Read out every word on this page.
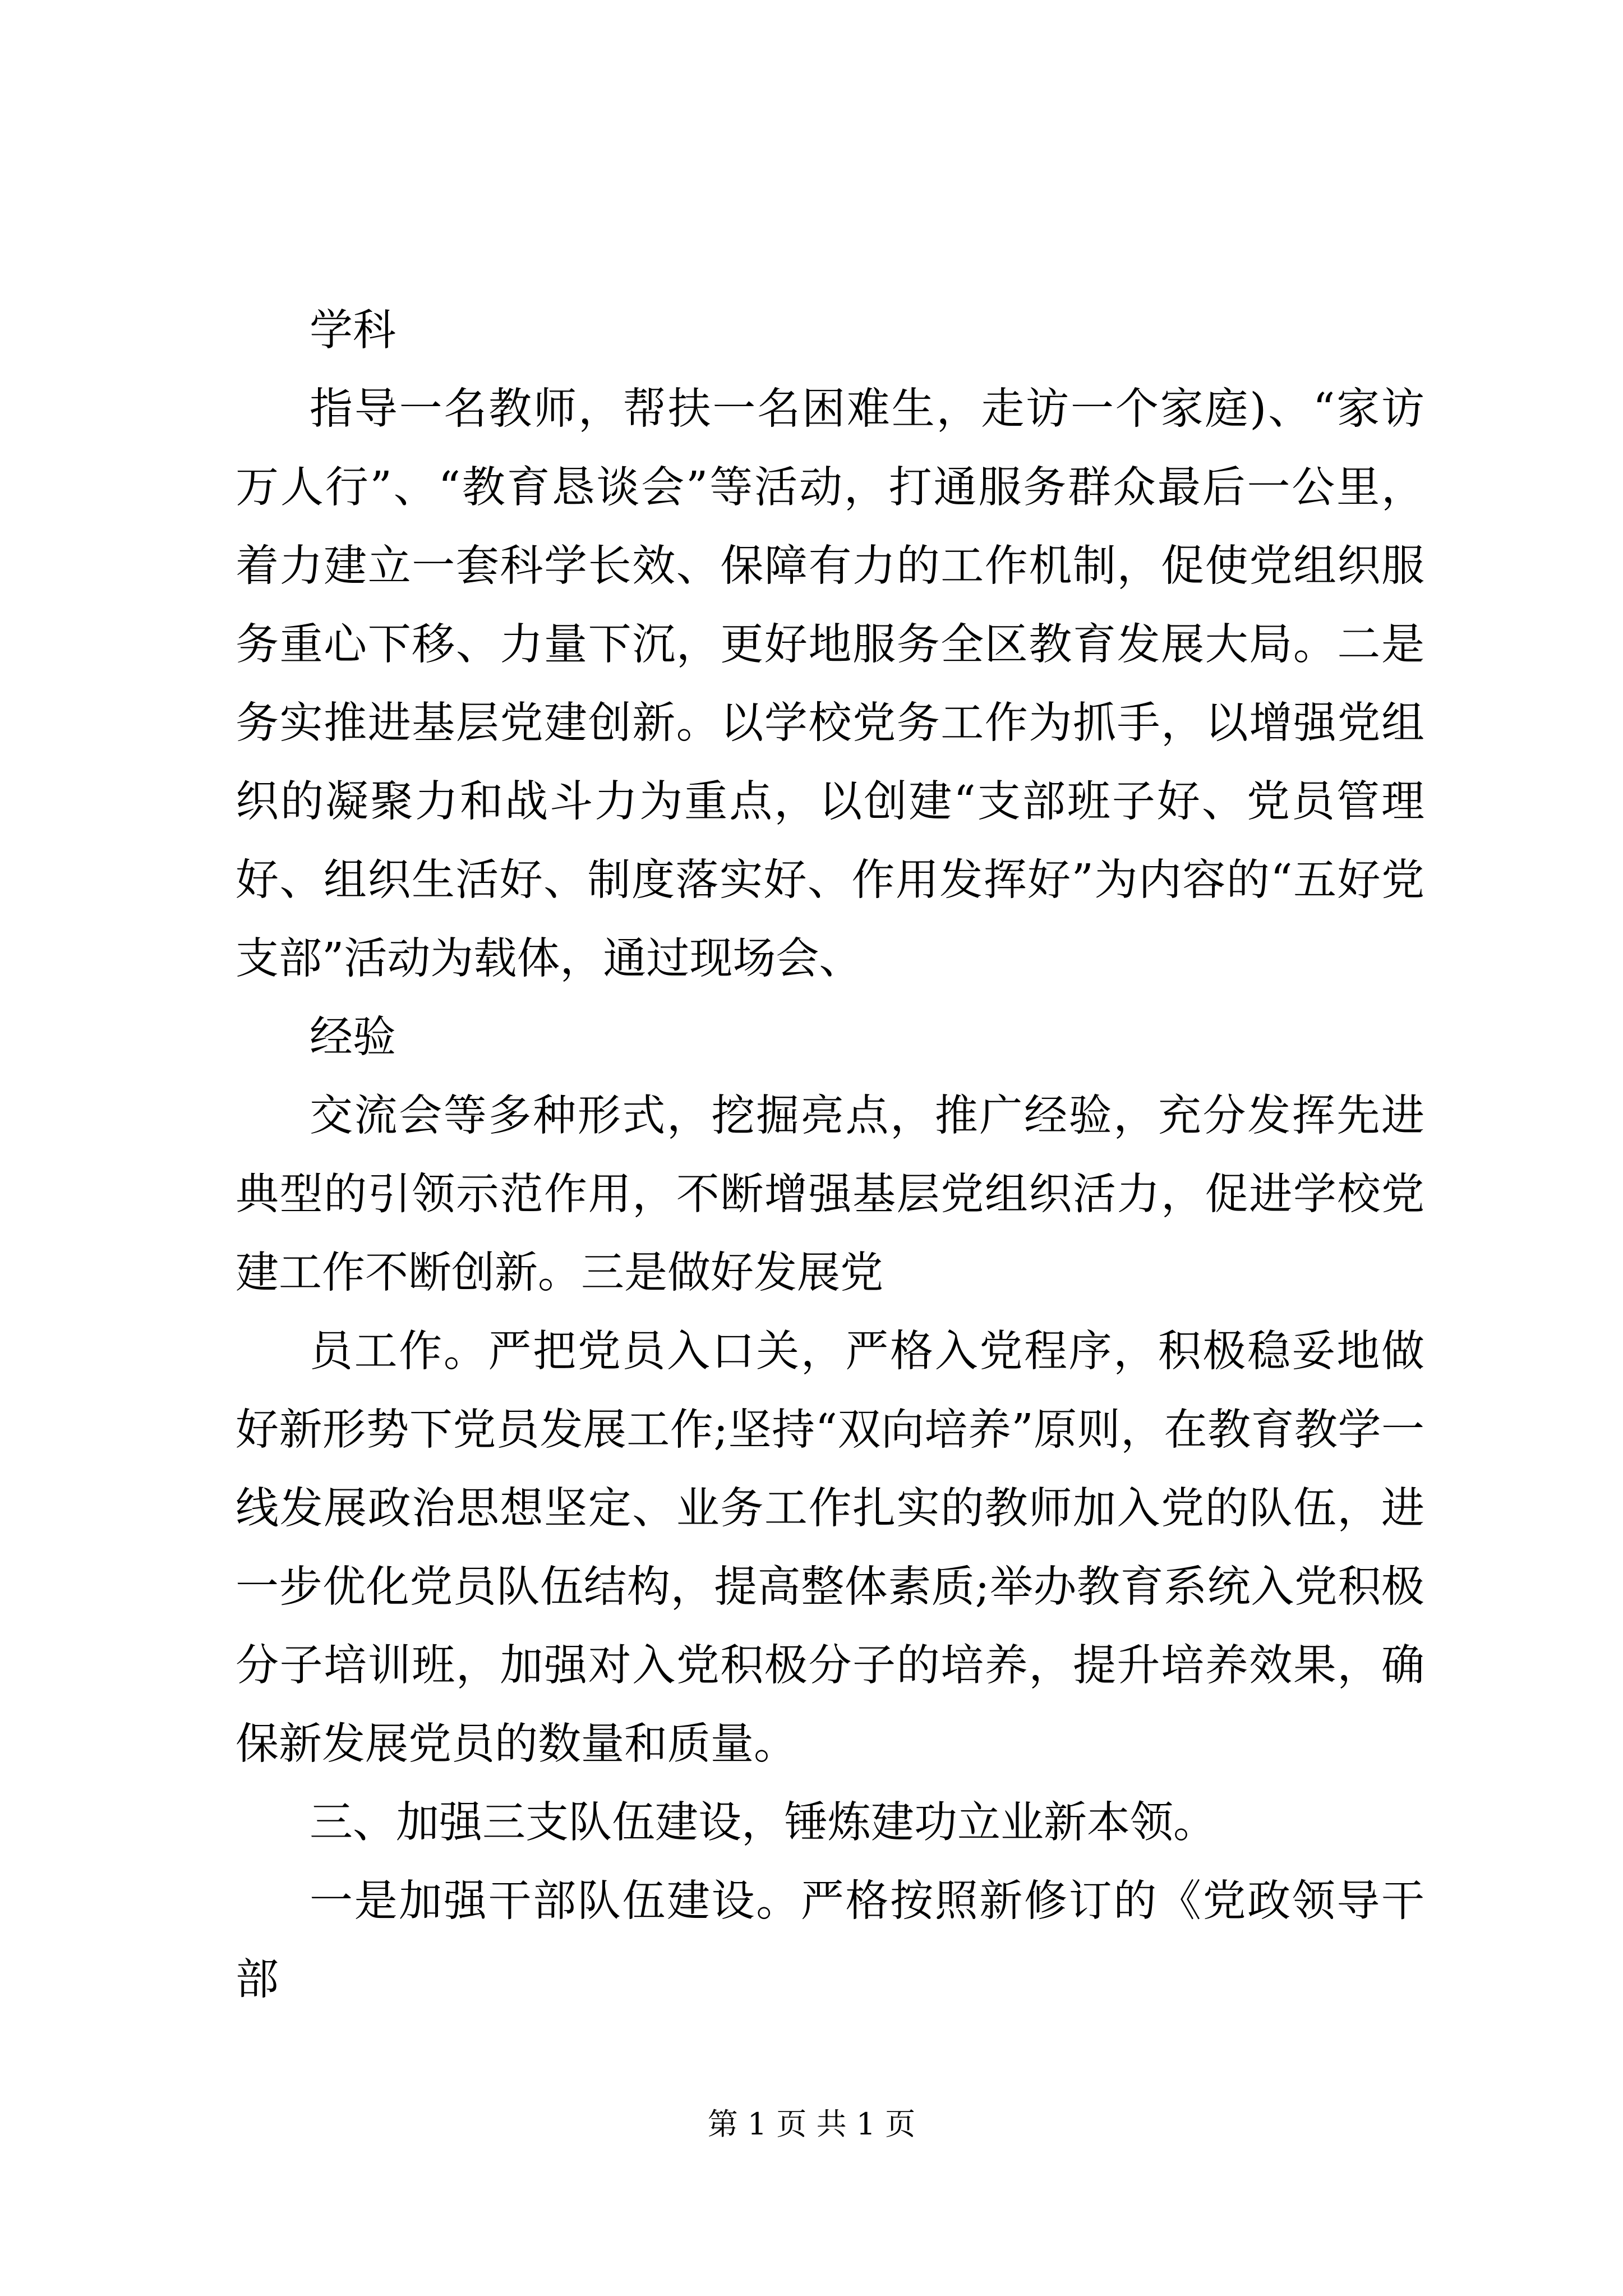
学科

指导一名教师，帮扶一名困难生，走访一个家庭)、“家访万人行”、“教育恳谈会”等活动，打通服务群众最后一公里，着力建立一套科学长效、保障有力的工作机制，促使党组织服务重心下移、力量下沉，更好地服务全区教育发展大局。二是务实推进基层党建创新。以学校党务工作为抓手，以增强党组织的凝聚力和战斗力为重点，以创建“支部班子好、党员管理好、组织生活好、制度落实好、作用发挥好”为内容的“五好党支部”活动为载体，通过现场会、

经验

交流会等多种形式，挖掘亮点，推广经验，充分发挥先进典型的引领示范作用，不断增强基层党组织活力，促进学校党建工作不断创新。三是做好发展党

员工作。严把党员入口关，严格入党程序，积极稳妥地做好新形势下党员发展工作;坚持“双向培养”原则，在教育教学一线发展政治思想坚定、业务工作扎实的教师加入党的队伍，进一步优化党员队伍结构，提高整体素质;举办教育系统入党积极分子培训班，加强对入党积极分子的培养，提升培养效果，确保新发展党员的数量和质量。

三、加强三支队伍建设，锤炼建功立业新本领。

一是加强干部队伍建设。严格按照新修订的《党政领导干部

第 1 页 共 1 页
